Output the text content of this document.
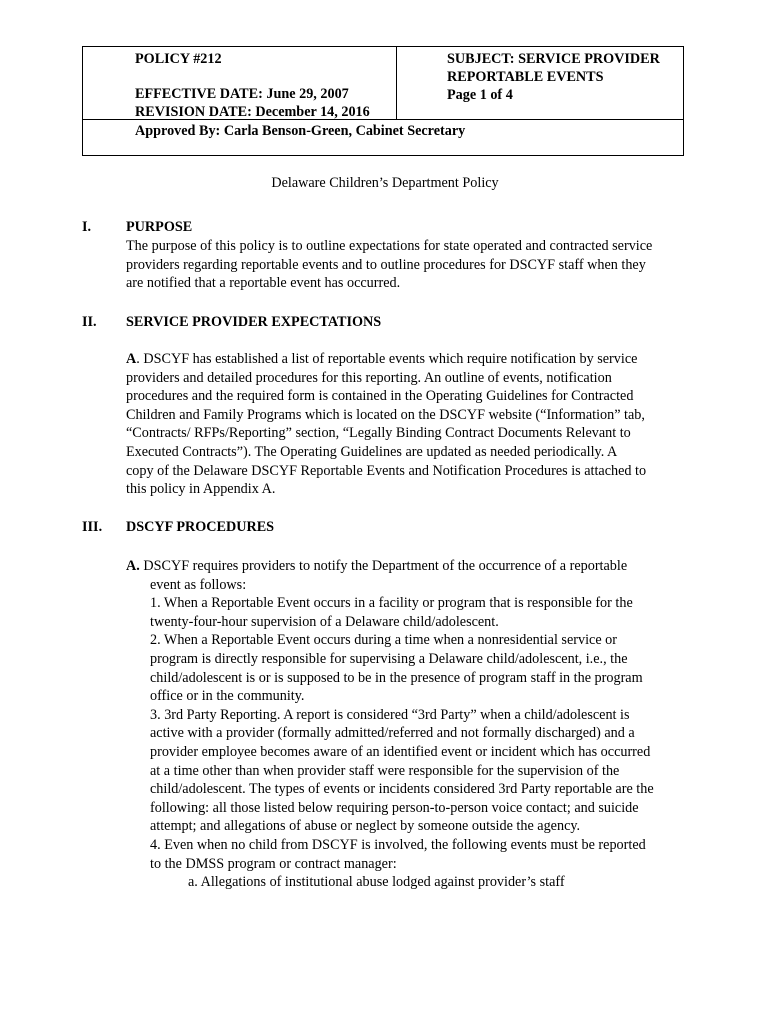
POLICY #212
EFFECTIVE DATE: June 29, 2007
REVISION DATE: December 14, 2016
SUBJECT: SERVICE PROVIDER
REPORTABLE EVENTS
Page 1 of 4
Approved By: Carla Benson-Green, Cabinet Secretary
Delaware Children’s Department Policy
I. PURPOSE
The purpose of this policy is to outline expectations for state operated and contracted service
providers regarding reportable events and to outline procedures for DSCYF staff when they
are notified that a reportable event has occurred.
II. SERVICE PROVIDER EXPECTATIONS
A. DSCYF has established a list of reportable events which require notification by service
providers and detailed procedures for this reporting. An outline of events, notification
procedures and the required form is contained in the Operating Guidelines for Contracted
Children and Family Programs which is located on the DSCYF website (“Information” tab,
“Contracts/ RFPs/Reporting” section, “Legally Binding Contract Documents Relevant to
Executed Contracts”). The Operating Guidelines are updated as needed periodically. A
copy of the Delaware DSCYF Reportable Events and Notification Procedures is attached to
this policy in Appendix A.
III. DSCYF PROCEDURES
A. DSCYF requires providers to notify the Department of the occurrence of a reportable
event as follows:
1. When a Reportable Event occurs in a facility or program that is responsible for the
twenty-four-hour supervision of a Delaware child/adolescent.
2. When a Reportable Event occurs during a time when a nonresidential service or
program is directly responsible for supervising a Delaware child/adolescent, i.e., the
child/adolescent is or is supposed to be in the presence of program staff in the program
office or in the community.
3. 3rd Party Reporting. A report is considered “3rd Party” when a child/adolescent is
active with a provider (formally admitted/referred and not formally discharged) and a
provider employee becomes aware of an identified event or incident which has occurred
at a time other than when provider staff were responsible for the supervision of the
child/adolescent. The types of events or incidents considered 3rd Party reportable are the
following: all those listed below requiring person-to-person voice contact; and suicide
attempt; and allegations of abuse or neglect by someone outside the agency.
4. Even when no child from DSCYF is involved, the following events must be reported
to the DMSS program or contract manager:
a. Allegations of institutional abuse lodged against provider’s staff
